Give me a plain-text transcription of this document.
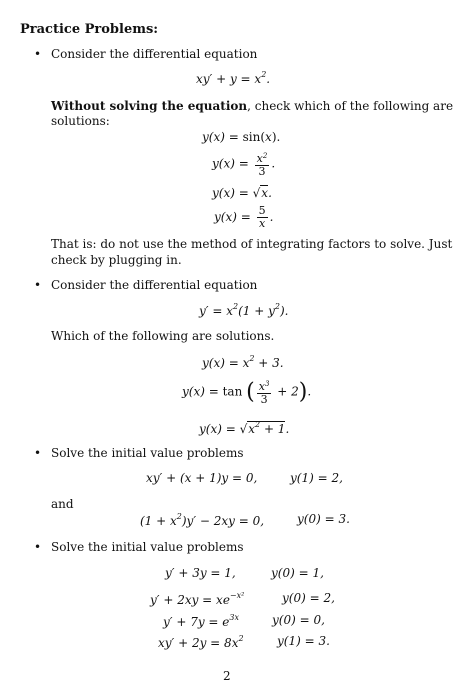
Practice Problems:
• Consider the differential equation
$xy' + y = x^2$.
Without solving the equation, check which of the following are
solutions:
y(x) = sin(x).
$y(x) = \frac{x^2}{3}$ .
y(x) = √x.
$y(x) = \frac{5}{x}$ .
That is: do not use the method of integrating factors to solve. Just
check by plugging in.
• Consider the differential equation
$y' = x^2(1 + y^2)$.
Which of the following are solutions.
$y(x) = x^2 + 3$.
y(x) = tan ( $\frac{x^3}{3} + 2$).
$y(x) = √x^2 + 1$.
• Solve the initial value problems
xy′ + (x + 1)y = 0,	y(1) = 2,
and
$(1 + x^2)y' - 2xy = 0$,	y(0) = 3.
• Solve the initial value problems
y′ + 3y = 1,	y(0) = 1,
$y' + 2xy = xe^{-x^2}$	y(0) = 2,
$y' + 7y = e^{3x}$	y(0) = 0,
$xy' + 2y = 8x^2$	y(1) = 3.
2
